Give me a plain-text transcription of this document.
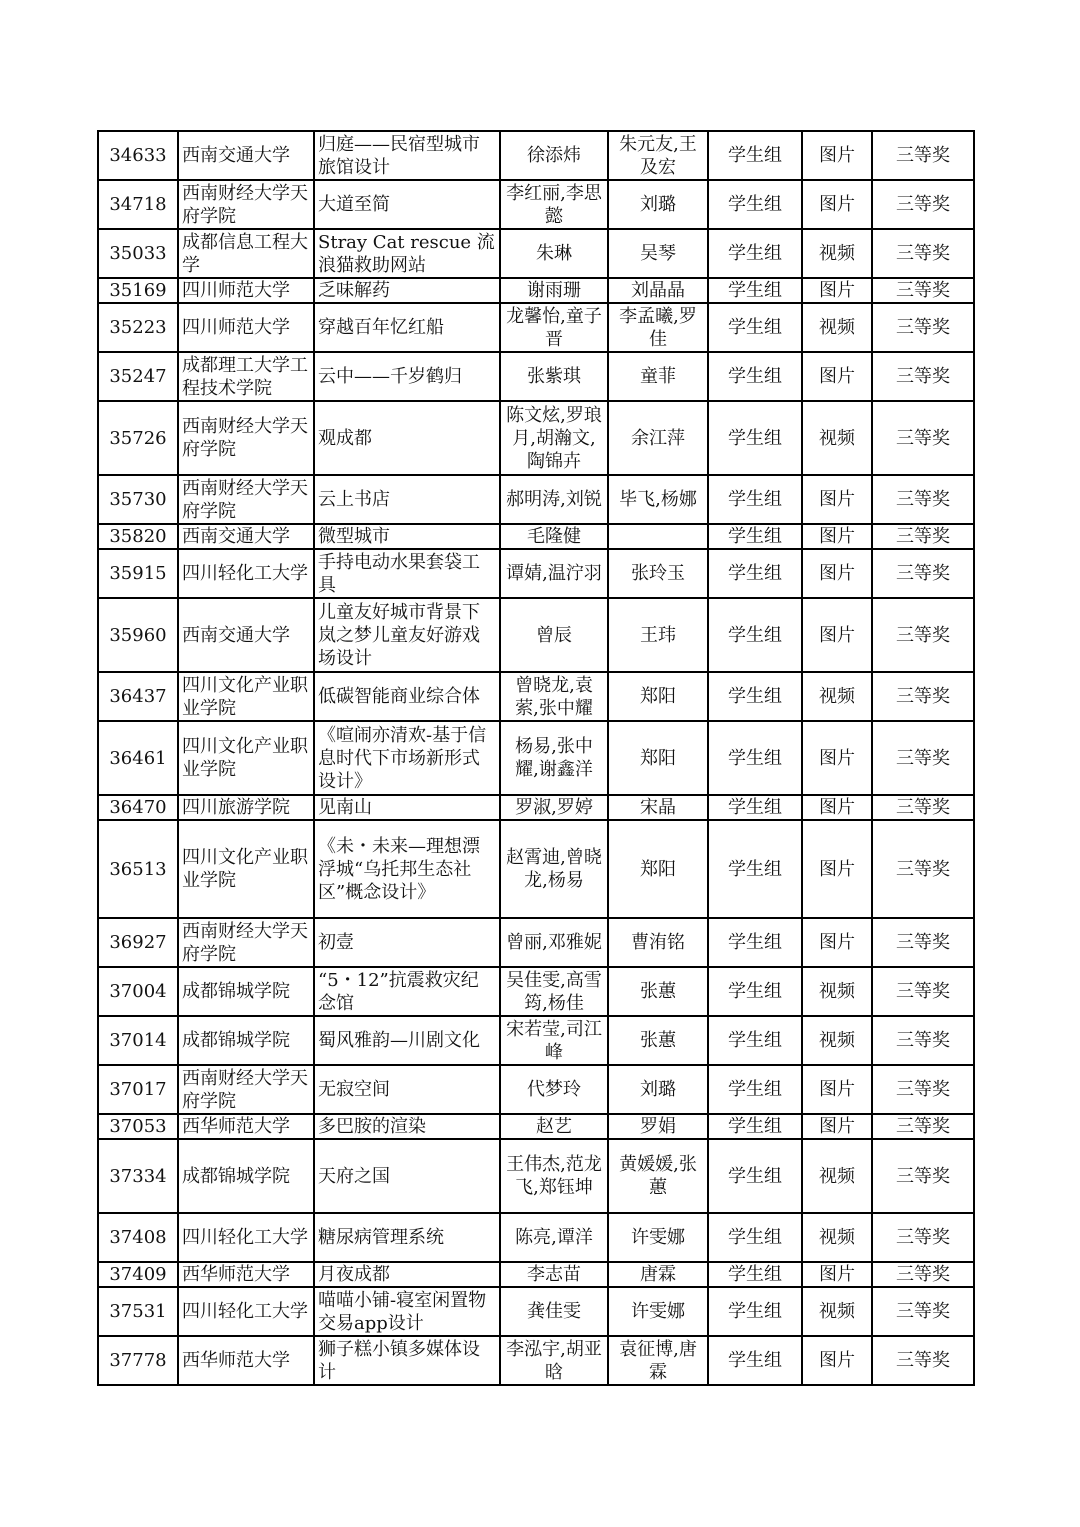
34633	西南交通大学	归庭——民宿型城市旅馆设计	徐添炜	朱元友,王及宏	学生组	图片	三等奖
34718	西南财经大学天府学院	大道至简	李红丽,李思懿	刘璐	学生组	图片	三等奖
35033	成都信息工程大学	Stray Cat rescue 流浪猫救助网站	朱琳	吴琴	学生组	视频	三等奖
35169	四川师范大学	乏味解药	谢雨珊	刘晶晶	学生组	图片	三等奖
35223	四川师范大学	穿越百年忆红船	龙馨怡,童子晋	李孟曦,罗佳	学生组	视频	三等奖
35247	成都理工大学工程技术学院	云中——千岁鹤归	张紫琪	童菲	学生组	图片	三等奖
35726	西南财经大学天府学院	观成都	陈文炫,罗琅月,胡瀚文,陶锦卉	余江萍	学生组	视频	三等奖
35730	西南财经大学天府学院	云上书店	郝明涛,刘锐	毕飞,杨娜	学生组	图片	三等奖
35820	西南交通大学	微型城市	毛隆健		学生组	图片	三等奖
35915	四川轻化工大学	手持电动水果套袋工具	谭婧,温泞羽	张玲玉	学生组	图片	三等奖
35960	西南交通大学	儿童友好城市背景下岚之梦儿童友好游戏场设计	曾辰	王玮	学生组	图片	三等奖
36437	四川文化产业职业学院	低碳智能商业综合体	曾晓龙,袁萦,张中耀	郑阳	学生组	视频	三等奖
36461	四川文化产业职业学院	《喧闹亦清欢-基于信息时代下市场新形式设计》	杨易,张中耀,谢鑫洋	郑阳	学生组	图片	三等奖
36470	四川旅游学院	见南山	罗淑,罗婷	宋晶	学生组	图片	三等奖
36513	四川文化产业职业学院	《未・未来—理想漂浮城“乌托邦生态社区”概念设计》	赵霄迪,曾晓龙,杨易	郑阳	学生组	图片	三等奖
36927	西南财经大学天府学院	初壹	曾丽,邓雅妮	曹洧铭	学生组	图片	三等奖
37004	成都锦城学院	“5・12”抗震救灾纪念馆	吴佳雯,高雪筠,杨佳	张蕙	学生组	视频	三等奖
37014	成都锦城学院	蜀风雅韵—川剧文化	宋若莹,司江峰	张蕙	学生组	视频	三等奖
37017	西南财经大学天府学院	无寂空间	代梦玲	刘璐	学生组	图片	三等奖
37053	西华师范大学	多巴胺的渲染	赵艺	罗娟	学生组	图片	三等奖
37334	成都锦城学院	天府之国	王伟杰,范龙飞,郑钰坤	黄媛媛,张蕙	学生组	视频	三等奖
37408	四川轻化工大学	糖尿病管理系统	陈亮,谭洋	许雯娜	学生组	视频	三等奖
37409	西华师范大学	月夜成都	李志苗	唐霖	学生组	图片	三等奖
37531	四川轻化工大学	喵喵小铺-寝室闲置物交易app设计	龚佳雯	许雯娜	学生组	视频	三等奖
37778	西华师范大学	狮子糕小镇多媒体设计	李泓宇,胡亚晗	袁征博,唐霖	学生组	图片	三等奖
